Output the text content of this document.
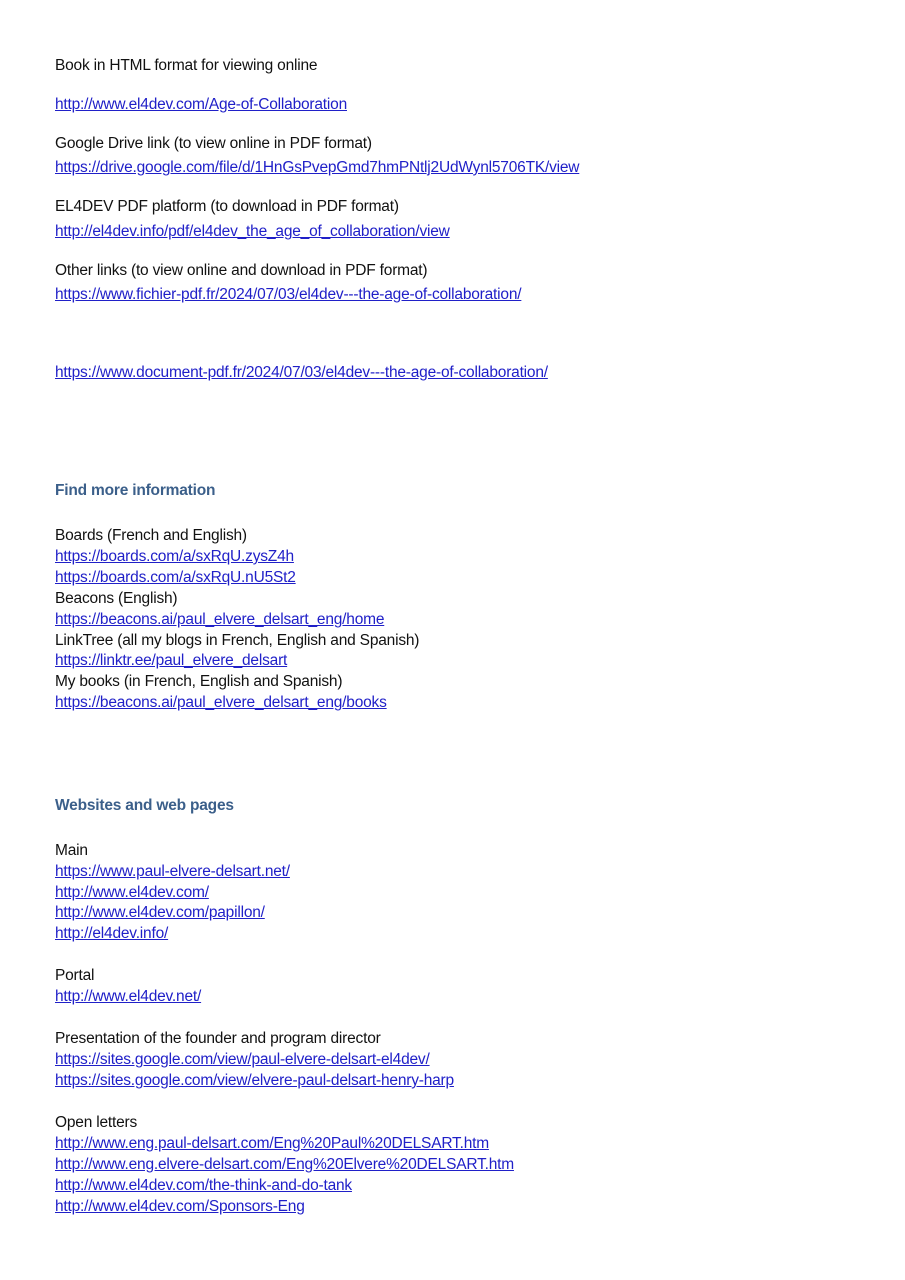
Book in HTML format for viewing online
http://www.el4dev.com/Age-of-Collaboration
Google Drive link (to view online in PDF format)
https://drive.google.com/file/d/1HnGsPvepGmd7hmPNtlj2UdWynl5706TK/view
EL4DEV PDF platform (to download in PDF format)
http://el4dev.info/pdf/el4dev_the_age_of_collaboration/view
Other links (to view online and download in PDF format)
https://www.fichier-pdf.fr/2024/07/03/el4dev---the-age-of-collaboration/
https://www.document-pdf.fr/2024/07/03/el4dev---the-age-of-collaboration/
Find more information
Boards (French and English)
https://boards.com/a/sxRqU.zysZ4h
https://boards.com/a/sxRqU.nU5St2
Beacons (English)
https://beacons.ai/paul_elvere_delsart_eng/home
LinkTree (all my blogs in French, English and Spanish)
https://linktr.ee/paul_elvere_delsart
My books (in French, English and Spanish)
https://beacons.ai/paul_elvere_delsart_eng/books
Websites and web pages
Main
https://www.paul-elvere-delsart.net/
http://www.el4dev.com/
http://www.el4dev.com/papillon/
http://el4dev.info/
Portal
http://www.el4dev.net/
Presentation of the founder and program director
https://sites.google.com/view/paul-elvere-delsart-el4dev/
https://sites.google.com/view/elvere-paul-delsart-henry-harp
Open letters
http://www.eng.paul-delsart.com/Eng%20Paul%20DELSART.htm
http://www.eng.elvere-delsart.com/Eng%20Elvere%20DELSART.htm
http://www.el4dev.com/the-think-and-do-tank
http://www.el4dev.com/Sponsors-Eng
